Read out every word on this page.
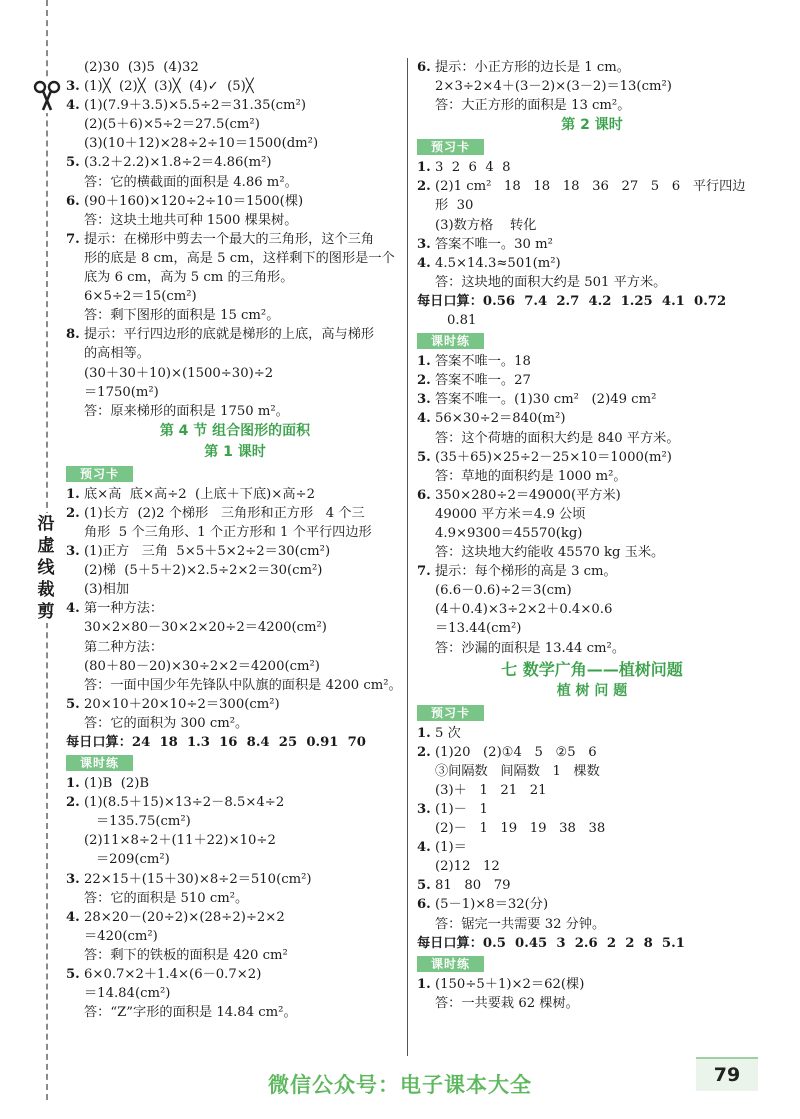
沿
虚
线
裁
剪
(2)30  (3)5  (4)32
3. (1)╳  (2)╳  (3)╳  (4)✓  (5)╳
4. (1)(7.9＋3.5)×5.5÷2＝31.35(cm²)
(2)(5＋6)×5÷2＝27.5(cm²)
(3)(10＋12)×28÷2÷10＝1500(dm²)
5. (3.2＋2.2)×1.8÷2＝4.86(m²)
答：它的横截面的面积是 4.86 m²。
6. (90＋160)×120÷2÷10＝1500(棵)
答：这块土地共可种 1500 棵果树。
7. 提示：在梯形中剪去一个最大的三角形，这个三角
形的底是 8 cm，高是 5 cm，这样剩下的图形是一个
底为 6 cm，高为 5 cm 的三角形。
6×5÷2＝15(cm²)
答：剩下图形的面积是 15 cm²。
8. 提示：平行四边形的底就是梯形的上底，高与梯形
的高相等。
(30＋30＋10)×(1500÷30)÷2
＝1750(m²)
答：原来梯形的面积是 1750 m²。
第 4 节 组合图形的面积
第 1 课时
预习卡
1. 底×高  底×高÷2  (上底＋下底)×高÷2
2. (1)长方  (2)2 个梯形   三角形和正方形   4 个三
角形  5 个三角形、1 个正方形和 1 个平行四边形
3. (1)正方   三角  5×5＋5×2÷2＝30(cm²)
(2)梯  (5＋5＋2)×2.5÷2×2＝30(cm²)
(3)相加
4. 第一种方法：
30×2×80－30×2×20÷2＝4200(cm²)
第二种方法：
(80＋80－20)×30÷2×2＝4200(cm²)
答：一面中国少年先锋队中队旗的面积是 4200 cm²。
5. 20×10＋20×10÷2＝300(cm²)
答：它的面积为 300 cm²。
每日口算：24  18  1.3  16  8.4  25  0.91  70
课时练
1. (1)B  (2)B
2. (1)(8.5＋15)×13÷2－8.5×4÷2
＝135.75(cm²)
(2)11×8÷2＋(11＋22)×10÷2
＝209(cm²)
3. 22×15＋(15＋30)×8÷2＝510(cm²)
答：它的面积是 510 cm²。
4. 28×20－(20÷2)×(28÷2)÷2×2
＝420(cm²)
答：剩下的铁板的面积是 420 cm²
5. 6×0.7×2＋1.4×(6－0.7×2)
＝14.84(cm²)
答：“Z”字形的面积是 14.84 cm²。
6. 提示：小正方形的边长是 1 cm。
2×3÷2×4＋(3－2)×(3－2)＝13(cm²)
答：大正方形的面积是 13 cm²。
第 2 课时
预习卡
1. 3  2  6  4  8
2. (2)1 cm²   18   18   18   36   27   5   6   平行四边
形  30
(3)数方格    转化
3. 答案不唯一。30 m²
4. 4.5×14.3≈501(m²)
答：这块地的面积大约是 501 平方米。
每日口算：0.56  7.4  2.7  4.2  1.25  4.1  0.72
0.81
课时练
1. 答案不唯一。18
2. 答案不唯一。27
3. 答案不唯一。(1)30 cm²   (2)49 cm²
4. 56×30÷2＝840(m²)
答：这个荷塘的面积大约是 840 平方米。
5. (35＋65)×25÷2－25×10＝1000(m²)
答：草地的面积约是 1000 m²。
6. 350×280÷2＝49000(平方米)
49000 平方米＝4.9 公顷
4.9×9300＝45570(kg)
答：这块地大约能收 45570 kg 玉米。
7. 提示：每个梯形的高是 3 cm。
(6.6－0.6)÷2＝3(cm)
(4＋0.4)×3÷2×2＋0.4×0.6
＝13.44(cm²)
答：沙漏的面积是 13.44 cm²。
七 数学广角——植树问题
植 树 问 题
预习卡
1. 5 次
2. (1)20   (2)①4   5   ②5   6
③间隔数   间隔数   1   棵数
(3)＋   1   21   21
3. (1)－   1
(2)－   1   19   19   38   38
4. (1)＝
(2)12   12
5. 81   80   79
6. (5－1)×8＝32(分)
答：锯完一共需要 32 分钟。
每日口算：0.5  0.45  3  2.6  2  2  8  5.1
课时练
1. (150÷5＋1)×2＝62(棵)
答：一共要栽 62 棵树。
79
微信公众号：电子课本大全
